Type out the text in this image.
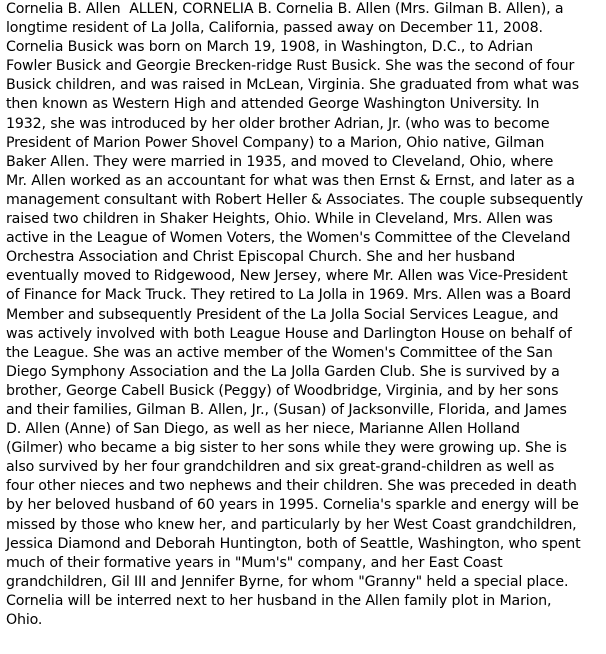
Cornelia B. Allen  ALLEN, CORNELIA B. Cornelia B. Allen (Mrs. Gilman B. Allen), a
longtime resident of La Jolla, California, passed away on December 11, 2008.
Cornelia Busick was born on March 19, 1908, in Washington, D.C., to Adrian
Fowler Busick and Georgie Brecken-ridge Rust Busick. She was the second of four
Busick children, and was raised in McLean, Virginia. She graduated from what was
then known as Western High and attended George Washington University. In
1932, she was introduced by her older brother Adrian, Jr. (who was to become
President of Marion Power Shovel Company) to a Marion, Ohio native, Gilman
Baker Allen. They were married in 1935, and moved to Cleveland, Ohio, where
Mr. Allen worked as an accountant for what was then Ernst & Ernst, and later as a
management consultant with Robert Heller & Associates. The couple subsequently
raised two children in Shaker Heights, Ohio. While in Cleveland, Mrs. Allen was
active in the League of Women Voters, the Women's Committee of the Cleveland
Orchestra Association and Christ Episcopal Church. She and her husband
eventually moved to Ridgewood, New Jersey, where Mr. Allen was Vice-President
of Finance for Mack Truck. They retired to La Jolla in 1969. Mrs. Allen was a Board
Member and subsequently President of the La Jolla Social Services League, and
was actively involved with both League House and Darlington House on behalf of
the League. She was an active member of the Women's Committee of the San
Diego Symphony Association and the La Jolla Garden Club. She is survived by a
brother, George Cabell Busick (Peggy) of Woodbridge, Virginia, and by her sons
and their families, Gilman B. Allen, Jr., (Susan) of Jacksonville, Florida, and James
D. Allen (Anne) of San Diego, as well as her niece, Marianne Allen Holland
(Gilmer) who became a big sister to her sons while they were growing up. She is
also survived by her four grandchildren and six great-grand-children as well as
four other nieces and two nephews and their children. She was preceded in death
by her beloved husband of 60 years in 1995. Cornelia's sparkle and energy will be
missed by those who knew her, and particularly by her West Coast grandchildren,
Jessica Diamond and Deborah Huntington, both of Seattle, Washington, who spent
much of their formative years in "Mum's" company, and her East Coast
grandchildren, Gil III and Jennifer Byrne, for whom "Granny" held a special place.
Cornelia will be interred next to her husband in the Allen family plot in Marion,
Ohio.
